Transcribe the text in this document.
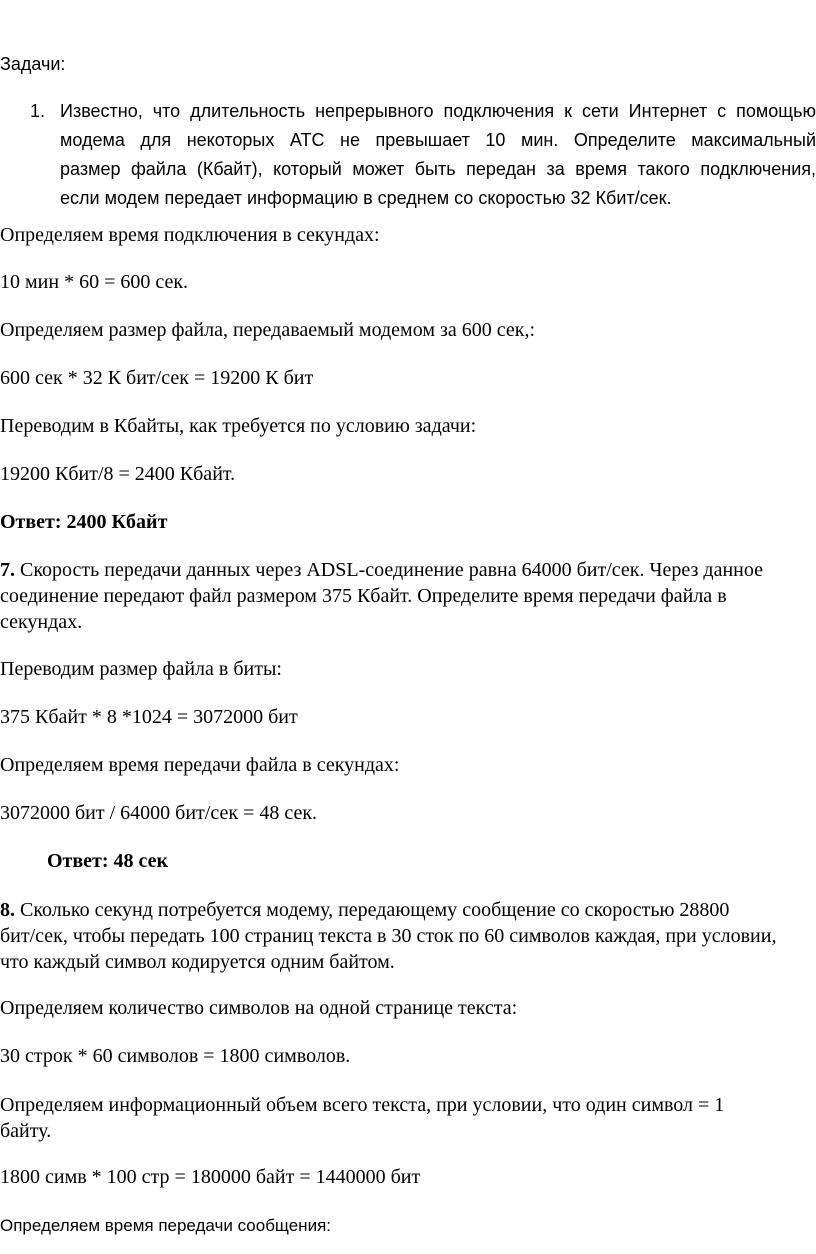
Задачи:
1. Известно, что длительность непрерывного подключения к сети Интернет с помощью
модема для некоторых АТС не превышает 10 мин. Определите максимальный
размер файла (Кбайт), который может быть передан за время такого подключения,
если модем передает информацию в среднем со скоростью 32 Кбит/сек.
Определяем время подключения в секундах:
10 мин * 60 = 600 сек.
Определяем размер файла, передаваемый модемом за 600 сек,:
600 сек * 32 К бит/сек = 19200 К бит
Переводим в Кбайты, как требуется по условию задачи:
19200 Кбит/8 = 2400 Кбайт.
Ответ: 2400 Кбайт
7. Скорость передачи данных через ADSL-соединение равна 64000 бит/сек. Через данное
соединение передают файл размером 375 Кбайт. Определите время передачи файла в
секундах.
Переводим размер файла в биты:
375 Кбайт * 8 *1024 = 3072000 бит
Определяем время передачи файла в секундах:
3072000 бит / 64000 бит/сек = 48 сек.
Ответ: 48 сек
8. Сколько секунд потребуется модему, передающему сообщение со скоростью 28800
бит/сек, чтобы передать 100 страниц текста в 30 сток по 60 символов каждая, при условии,
что каждый символ кодируется одним байтом.
Определяем количество символов на одной странице текста:
30 строк * 60 символов = 1800 символов.
Определяем информационный объем всего текста, при условии, что один символ = 1
байту.
1800 симв * 100 стр = 180000 байт = 1440000 бит
Определяем время передачи сообщения:
